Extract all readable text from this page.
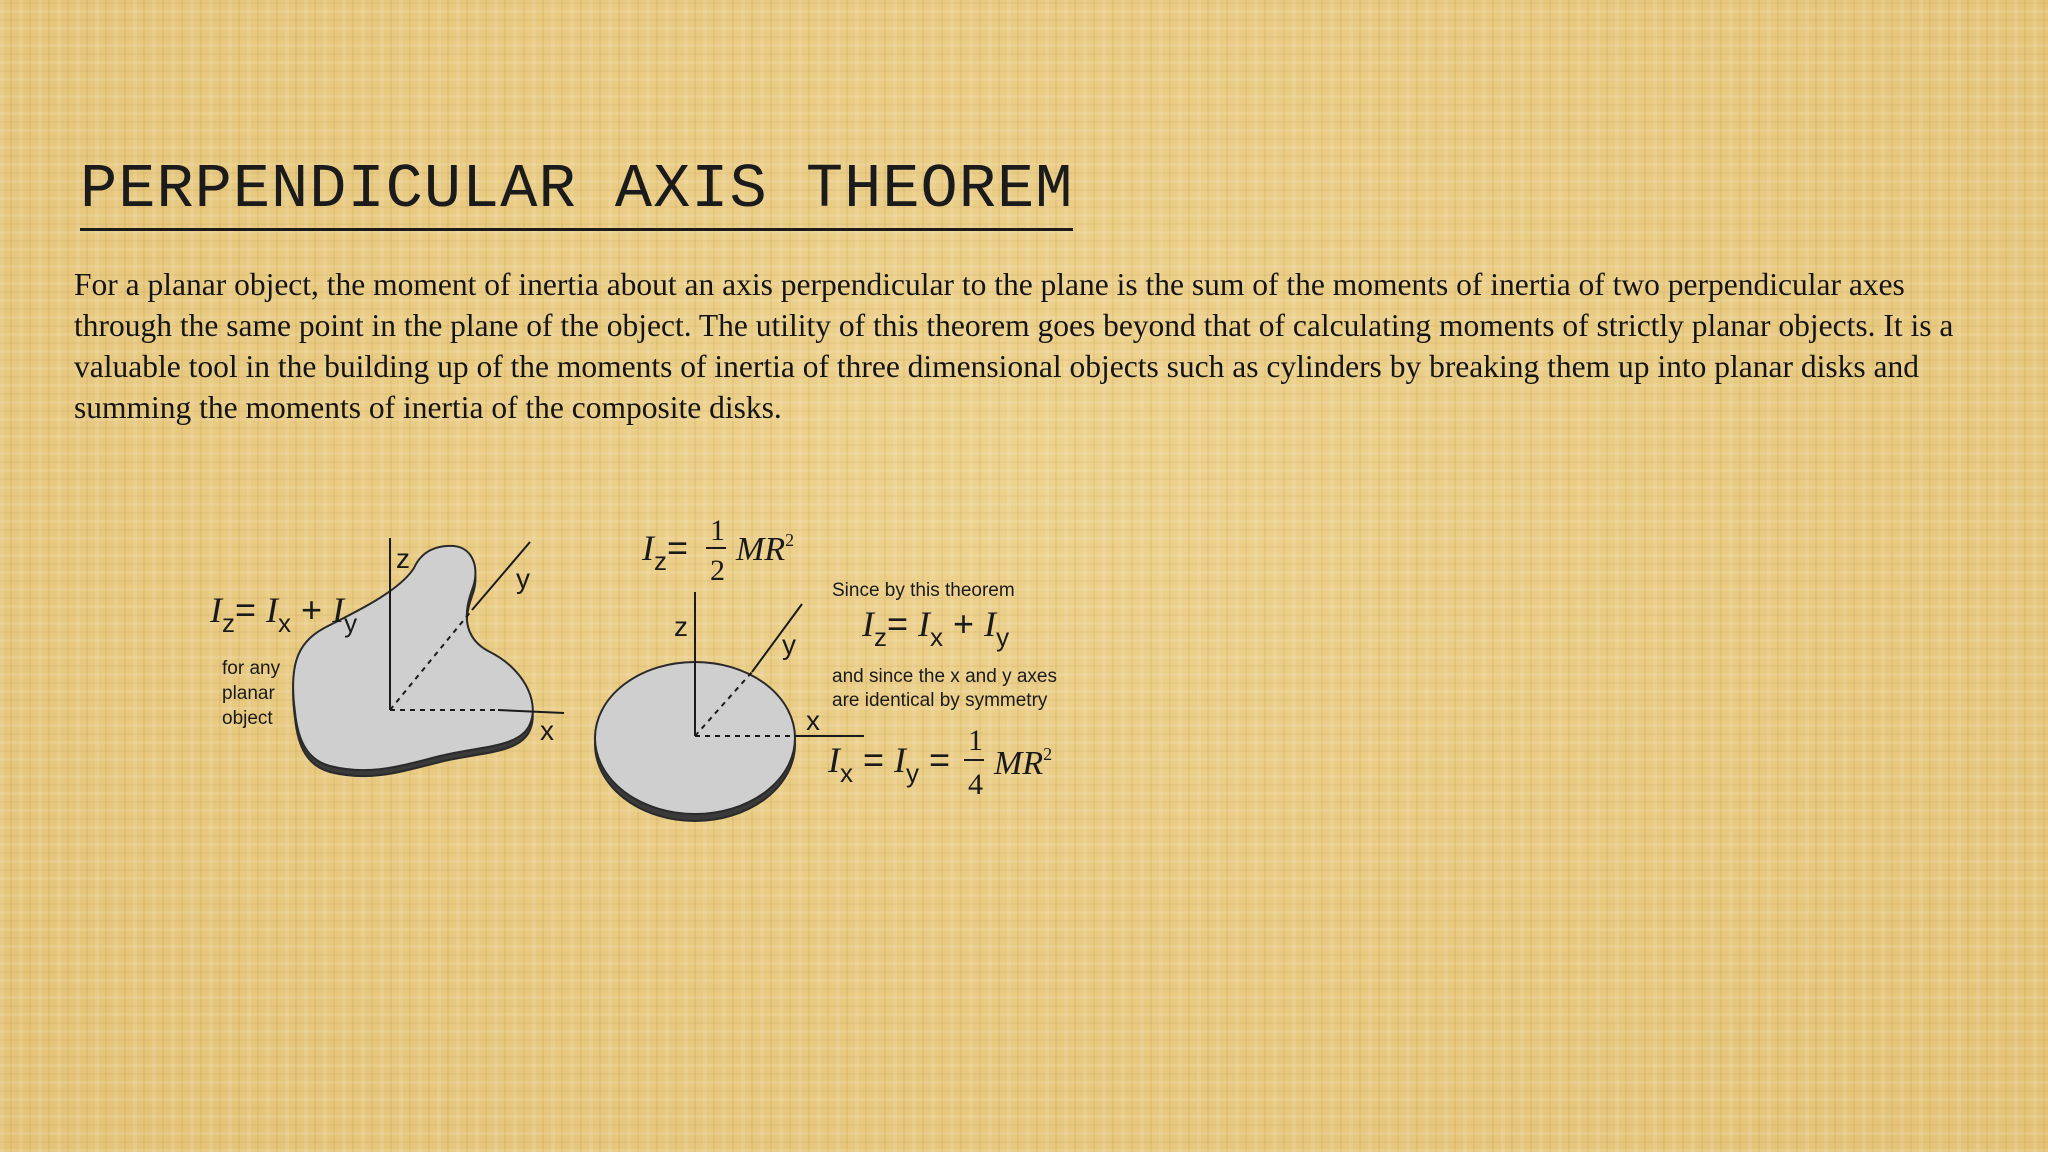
PERPENDICULAR AXIS THEOREM

For a planar object, the moment of inertia about an axis perpendicular to the plane is the sum of the moments of inertia of two perpendicular axes through the same point in the plane of the object. The utility of this theorem goes beyond that of calculating moments of strictly planar objects. It is a valuable tool in the building up of the moments of inertia of three dimensional objects such as cylinders by breaking them up into planar disks and summing the moments of inertia of the composite disks.

z
y
x
$I_z= I_x + I_y$
for any
planar
object
z
y
x
$I_z= 1$
2
$MR^2$
Since by this theorem
$I_z= I_x + I_y$
and since the x and y axes
are identical by symmetry
$I_x = I_y = 1$
4
$MR^2$
